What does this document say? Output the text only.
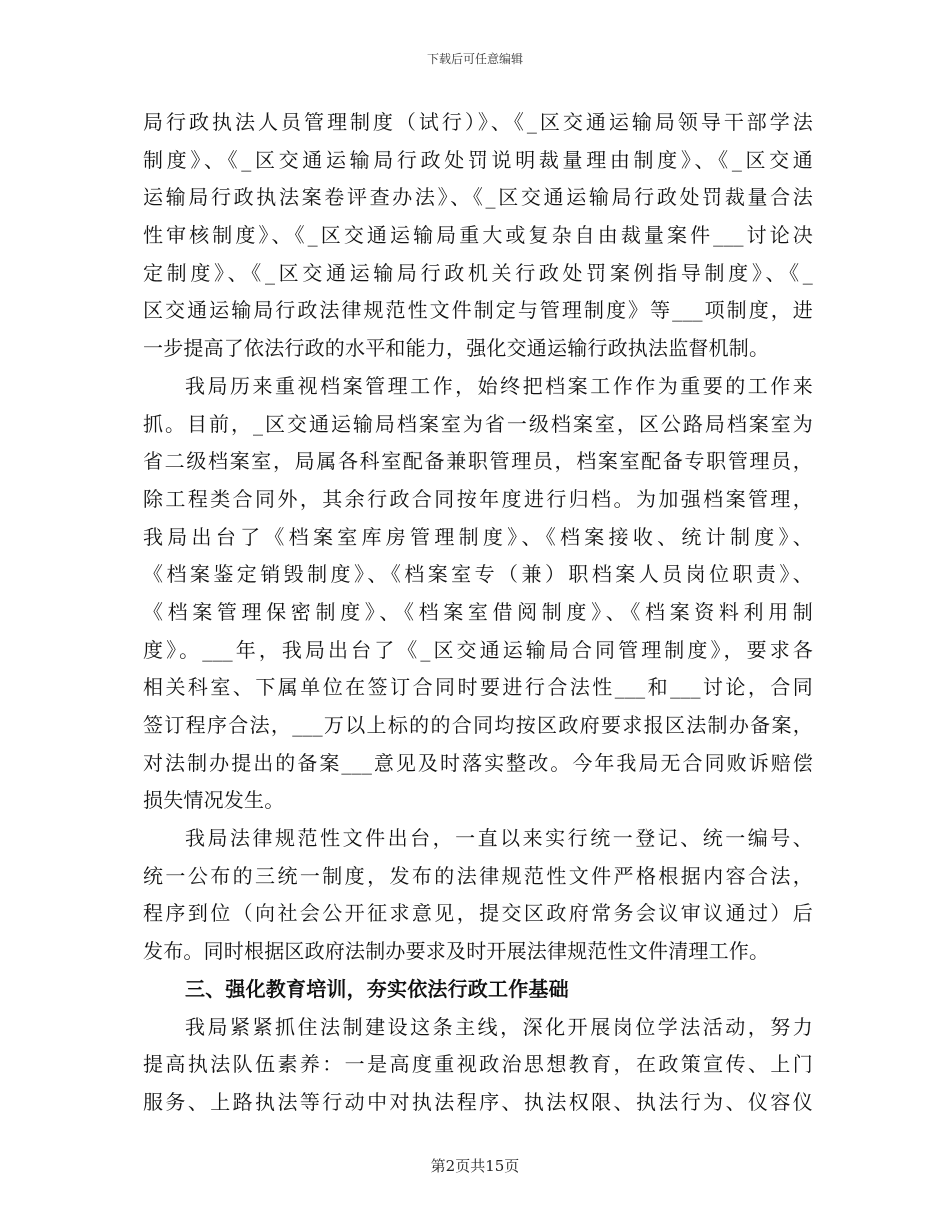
下载后可任意编辑
局行政执法人员管理制度（试行）》、《_区交通运输局领导干部学法
制度》、《_区交通运输局行政处罚说明裁量理由制度》、《_区交通
运输局行政执法案卷评查办法》、《_区交通运输局行政处罚裁量合法
性审核制度》、《_区交通运输局重大或复杂自由裁量案件___讨论决
定制度》、《_区交通运输局行政机关行政处罚案例指导制度》、《_
区交通运输局行政法律规范性文件制定与管理制度》等___项制度，进
一步提高了依法行政的水平和能力，强化交通运输行政执法监督机制。
我局历来重视档案管理工作，始终把档案工作作为重要的工作来
抓。目前，_区交通运输局档案室为省一级档案室，区公路局档案室为
省二级档案室，局属各科室配备兼职管理员，档案室配备专职管理员，
除工程类合同外，其余行政合同按年度进行归档。为加强档案管理，
我局出台了《档案室库房管理制度》、《档案接收、统计制度》、
《档案鉴定销毁制度》、《档案室专（兼）职档案人员岗位职责》、
《档案管理保密制度》、《档案室借阅制度》、《档案资料利用制
度》。___年，我局出台了《_区交通运输局合同管理制度》，要求各
相关科室、下属单位在签订合同时要进行合法性___和___讨论，合同
签订程序合法，___万以上标的的合同均按区政府要求报区法制办备案，
对法制办提出的备案___意见及时落实整改。今年我局无合同败诉赔偿
损失情况发生。
我局法律规范性文件出台，一直以来实行统一登记、统一编号、
统一公布的三统一制度，发布的法律规范性文件严格根据内容合法，
程序到位（向社会公开征求意见，提交区政府常务会议审议通过）后
发布。同时根据区政府法制办要求及时开展法律规范性文件清理工作。
三、强化教育培训，夯实依法行政工作基础
我局紧紧抓住法制建设这条主线，深化开展岗位学法活动，努力
提高执法队伍素养：一是高度重视政治思想教育，在政策宣传、上门
服务、上路执法等行动中对执法程序、执法权限、执法行为、仪容仪
第2页共15页
